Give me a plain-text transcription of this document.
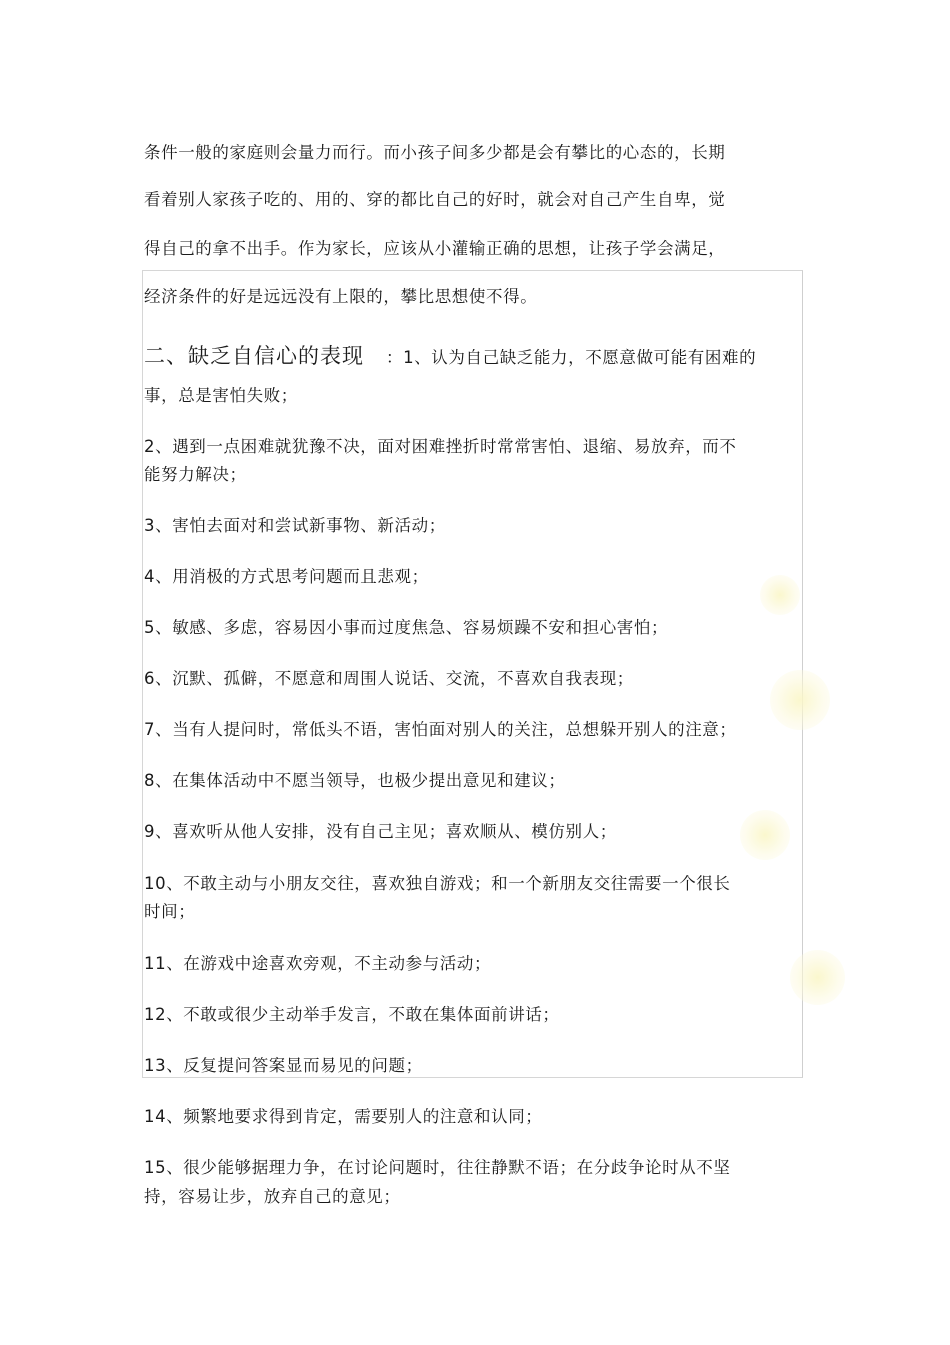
条件一般的家庭则会量力而行。而小孩子间多少都是会有攀比的心态的，长期
看着别人家孩子吃的、用的、穿的都比自己的好时，就会对自己产生自卑，觉
得自己的拿不出手。作为家长，应该从小灌输正确的思想，让孩子学会满足，
经济条件的好是远远没有上限的，攀比思想使不得。
二、缺乏自信心的表现 ：1、认为自己缺乏能力，不愿意做可能有困难的
事，总是害怕失败；
2、遇到一点困难就犹豫不决，面对困难挫折时常常害怕、退缩、易放弃，而不
能努力解决；
3、害怕去面对和尝试新事物、新活动；
4、用消极的方式思考问题而且悲观；
5、敏感、多虑，容易因小事而过度焦急、容易烦躁不安和担心害怕；
6、沉默、孤僻，不愿意和周围人说话、交流，不喜欢自我表现；
7、当有人提问时，常低头不语，害怕面对别人的关注，总想躲开别人的注意；
8、在集体活动中不愿当领导，也极少提出意见和建议；
9、喜欢听从他人安排，没有自己主见；喜欢顺从、模仿别人；
10、不敢主动与小朋友交往，喜欢独自游戏；和一个新朋友交往需要一个很长
时间；
11、在游戏中途喜欢旁观，不主动参与活动；
12、不敢或很少主动举手发言，不敢在集体面前讲话；
13、反复提问答案显而易见的问题；
14、频繁地要求得到肯定，需要别人的注意和认同；
15、很少能够据理力争，在讨论问题时，往往静默不语；在分歧争论时从不坚
持，容易让步，放弃自己的意见；
